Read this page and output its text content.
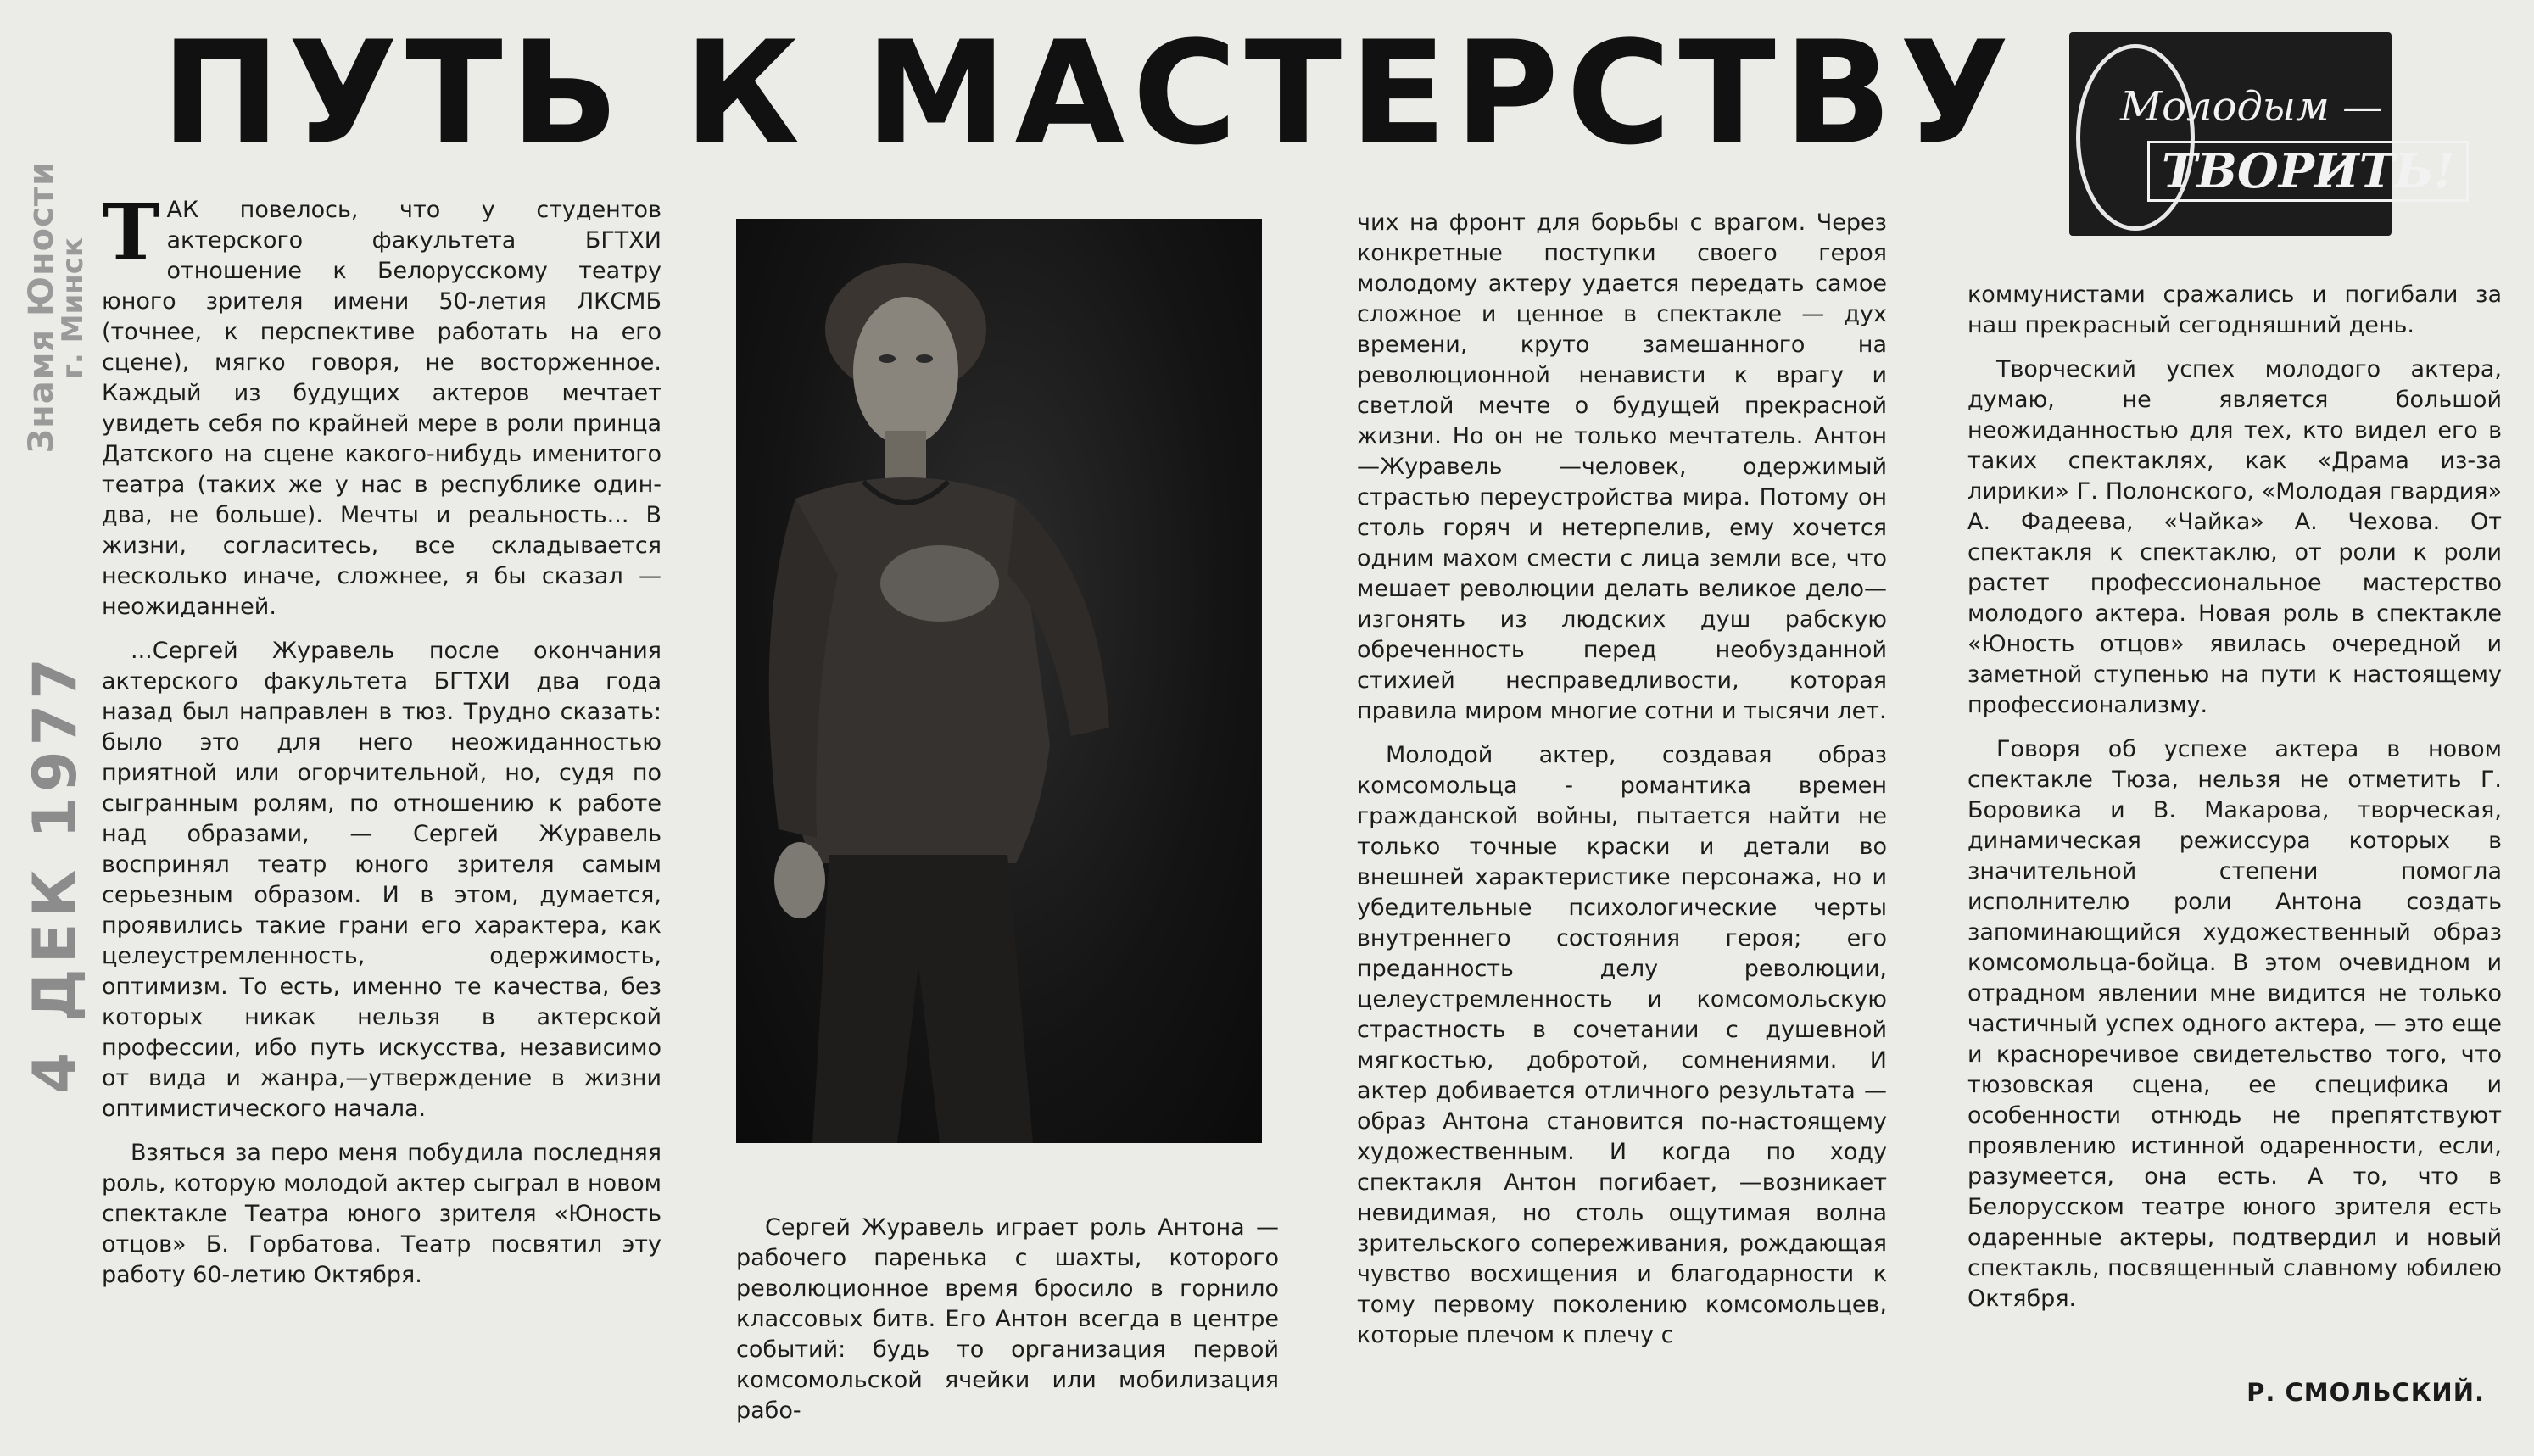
Знамя Юности
г. Минск
4 ДЕК 1977
ПУТЬ К МАСТЕРСТВУ	Молодым —
ТВОРИТЬ!

ТАК повелось, что у студентов актерского факультета БГТХИ отношение к Белорусскому театру юного зрителя имени 50-летия ЛКСМБ (точнее, к перспективе работать на его сцене), мягко говоря, не восторженное. Каждый из будущих актеров мечтает увидеть себя по крайней мере в роли принца Датского на сцене какого-нибудь именитого театра (таких же у нас в республике один-два, не больше). Мечты и реальность... В жизни, согласитесь, все складывается несколько иначе, сложнее, я бы сказал — неожиданней.

...Сергей Журавель после окончания актерского факультета БГТХИ два года назад был направлен в тюз. Трудно сказать: было это для него неожиданностью приятной или огорчительной, но, судя по сыгранным ролям, по отношению к работе над образами, — Сергей Журавель воспринял театр юного зрителя самым серьезным образом. И в этом, думается, проявились такие грани его характера, как целеустремленность, одержимость, оптимизм. То есть, именно те качества, без которых никак нельзя в актерской профессии, ибо путь искусства, независимо от вида и жанра,—утверждение в жизни оптимистического начала.

Взяться за перо меня побудила последняя роль, которую молодой актер сыграл в новом спектакле Театра юного зрителя «Юность отцов» Б. Горбатова. Театр посвятил эту работу 60-летию Октября.

Сергей Журавель играет роль Антона — рабочего паренька с шахты, которого революционное время бросило в горнило классовых битв. Его Антон всегда в центре событий: будь то организация первой комсомольской ячейки или мобилизация рабо-

чих на фронт для борьбы с врагом. Через конкретные поступки своего героя молодому актеру удается передать самое сложное и ценное в спектакле — дух времени, круто замешанного на революционной ненависти к врагу и светлой мечте о будущей прекрасной жизни. Но он не только мечтатель. Антон—Журавель —человек, одержимый страстью переустройства мира. Потому он столь горяч и нетерпелив, ему хочется одним махом смести с лица земли все, что мешает революции делать великое дело—изгонять из людских душ рабскую обреченность перед необузданной стихией несправедливости, которая правила миром многие сотни и тысячи лет.

Молодой актер, создавая образ комсомольца - романтика времен гражданской войны, пытается найти не только точные краски и детали во внешней характеристике персонажа, но и убедительные психологические черты внутреннего состояния героя; его преданность делу революции, целеустремленность и комсомольскую страстность в сочетании с душевной мягкостью, добротой, сомнениями. И актер добивается отличного результата — образ Антона становится по-настоящему художественным. И когда по ходу спектакля Антон погибает, —возникает невидимая, но столь ощутимая волна зрительского сопереживания, рождающая чувство восхищения и благодарности к тому первому поколению комсомольцев, которые плечом к плечу с

коммунистами сражались и погибали за наш прекрасный сегодняшний день.

Творческий успех молодого актера, думаю, не является большой неожиданностью для тех, кто видел его в таких спектаклях, как «Драма из-за лирики» Г. Полонского, «Молодая гвардия» А. Фадеева, «Чайка» А. Чехова. От спектакля к спектаклю, от роли к роли растет профессиональное мастерство молодого актера. Новая роль в спектакле «Юность отцов» явилась очередной и заметной ступенью на пути к настоящему профессионализму.

Говоря об успехе актера в новом спектакле Тюза, нельзя не отметить Г. Боровика и В. Макарова, творческая, динамическая режиссура которых в значительной степени помогла исполнителю роли Антона создать запоминающийся художественный образ комсомольца-бойца. В этом очевидном и отрадном явлении мне видится не только частичный успех одного актера, — это еще и красноречивое свидетельство того, что тюзовская сцена, ее специфика и особенности отнюдь не препятствуют проявлению истинной одаренности, если, разумеется, она есть. А то, что в Белорусском театре юного зрителя есть одаренные актеры, подтвердил и новый спектакль, посвященный славному юбилею Октября.

Р. СМОЛЬСКИЙ.
